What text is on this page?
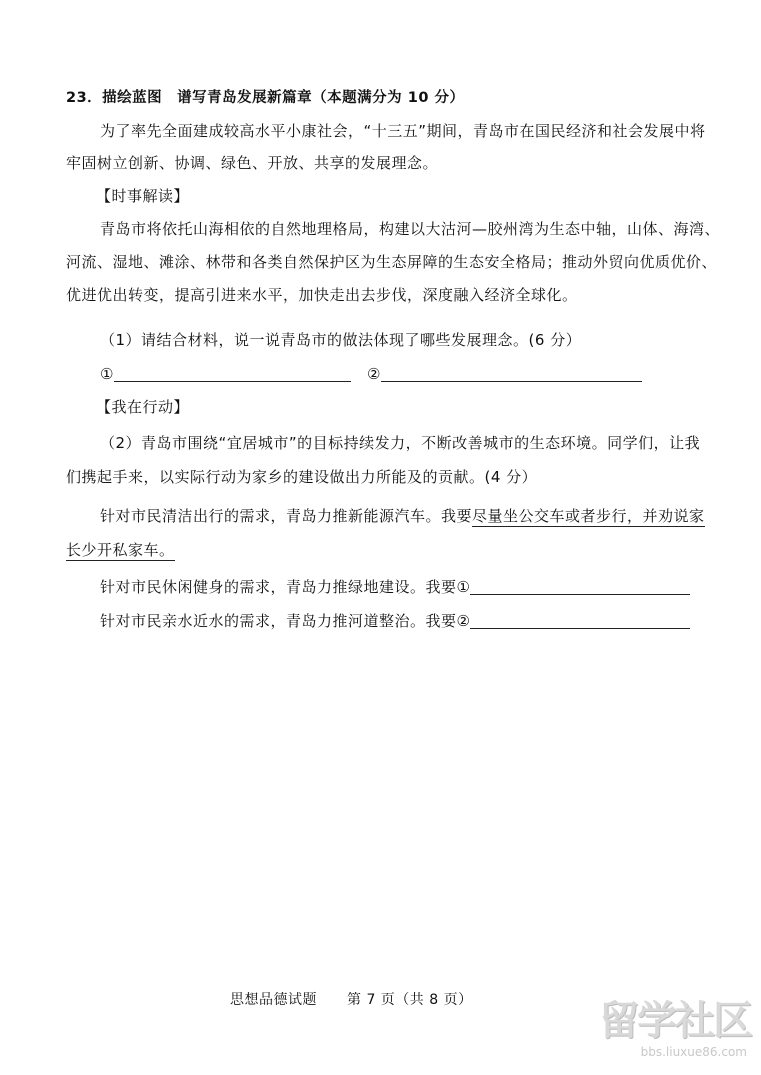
23．描绘蓝图　谱写青岛发展新篇章（本题满分为 10 分）
为了率先全面建成较高水平小康社会，“十三五”期间，青岛市在国民经济和社会发展中将
牢固树立创新、协调、绿色、开放、共享的发展理念。
【时事解读】
青岛市将依托山海相依的自然地理格局，构建以大沽河—胶州湾为生态中轴，山体、海湾、
河流、湿地、滩涂、林带和各类自然保护区为生态屏障的生态安全格局；推动外贸向优质优价、
优进优出转变，提高引进来水平，加快走出去步伐，深度融入经济全球化。
（1）请结合材料，说一说青岛市的做法体现了哪些发展理念。(6 分）
①	②
【我在行动】
（2）青岛市围绕“宜居城市”的目标持续发力，不断改善城市的生态环境。同学们，让我
们携起手来，以实际行动为家乡的建设做出力所能及的贡献。(4 分）
针对市民清洁出行的需求，青岛力推新能源汽车。我要尽量坐公交车或者步行，并劝说家
长少开私家车。
针对市民休闲健身的需求，青岛力推绿地建设。我要①
针对市民亲水近水的需求，青岛力推河道整治。我要②
思想品德试题 第 7 页（共 8 页）	留学社区
bbs.liuxue86.com
